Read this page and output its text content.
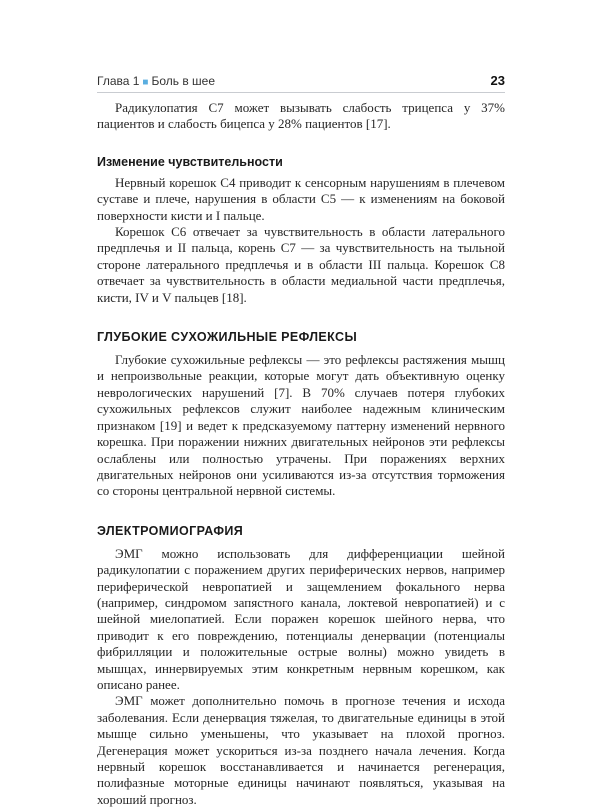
Глава 1 ■ Боль в шее	23

Радикулопатия C7 может вызывать слабость трицепса у 37% пациентов и слабость бицепса у 28% пациентов [17].

Изменение чувствительности

Нервный корешок C4 приводит к сенсорным нарушениям в плечевом суставе и плече, нарушения в области C5 — к изменениям на боковой поверхности кисти и I пальце.

Корешок C6 отвечает за чувствительность в области латерального предплечья и II пальца, корень C7 — за чувствительность на тыльной стороне латерального предплечья и в области III пальца. Корешок C8 отвечает за чувствительность в области медиальной части предплечья, кисти, IV и V пальцев [18].

ГЛУБОКИЕ СУХОЖИЛЬНЫЕ РЕФЛЕКСЫ

Глубокие сухожильные рефлексы — это рефлексы растяжения мышц и непроизвольные реакции, которые могут дать объективную оценку неврологических нарушений [7]. В 70% случаев потеря глубоких сухожильных рефлексов служит наиболее надежным клиническим признаком [19] и ведет к предсказуемому паттерну изменений нервного корешка. При поражении нижних двигательных нейронов эти рефлексы ослаблены или полностью утрачены. При поражениях верхних двигательных нейронов они усиливаются из-за отсутствия торможения со стороны центральной нервной системы.

ЭЛЕКТРОМИОГРАФИЯ

ЭМГ можно использовать для дифференциации шейной радикулопатии с поражением других периферических нервов, например периферической невропатией и защемлением фокального нерва (например, синдромом запястного канала, локтевой невропатией) и с шейной миелопатией. Если поражен корешок шейного нерва, что приводит к его повреждению, потенциалы денервации (потенциалы фибрилляции и положительные острые волны) можно увидеть в мышцах, иннервируемых этим конкретным нервным корешком, как описано ранее.

ЭМГ может дополнительно помочь в прогнозе течения и исхода заболевания. Если денервация тяжелая, то двигательные единицы в этой мышце сильно уменьшены, что указывает на плохой прогноз. Дегенерация может ускориться из-за позднего начала лечения. Когда нервный корешок восстанавливается и начинается регенерация, полифазные моторные единицы начинают появляться, указывая на хороший прогноз.
